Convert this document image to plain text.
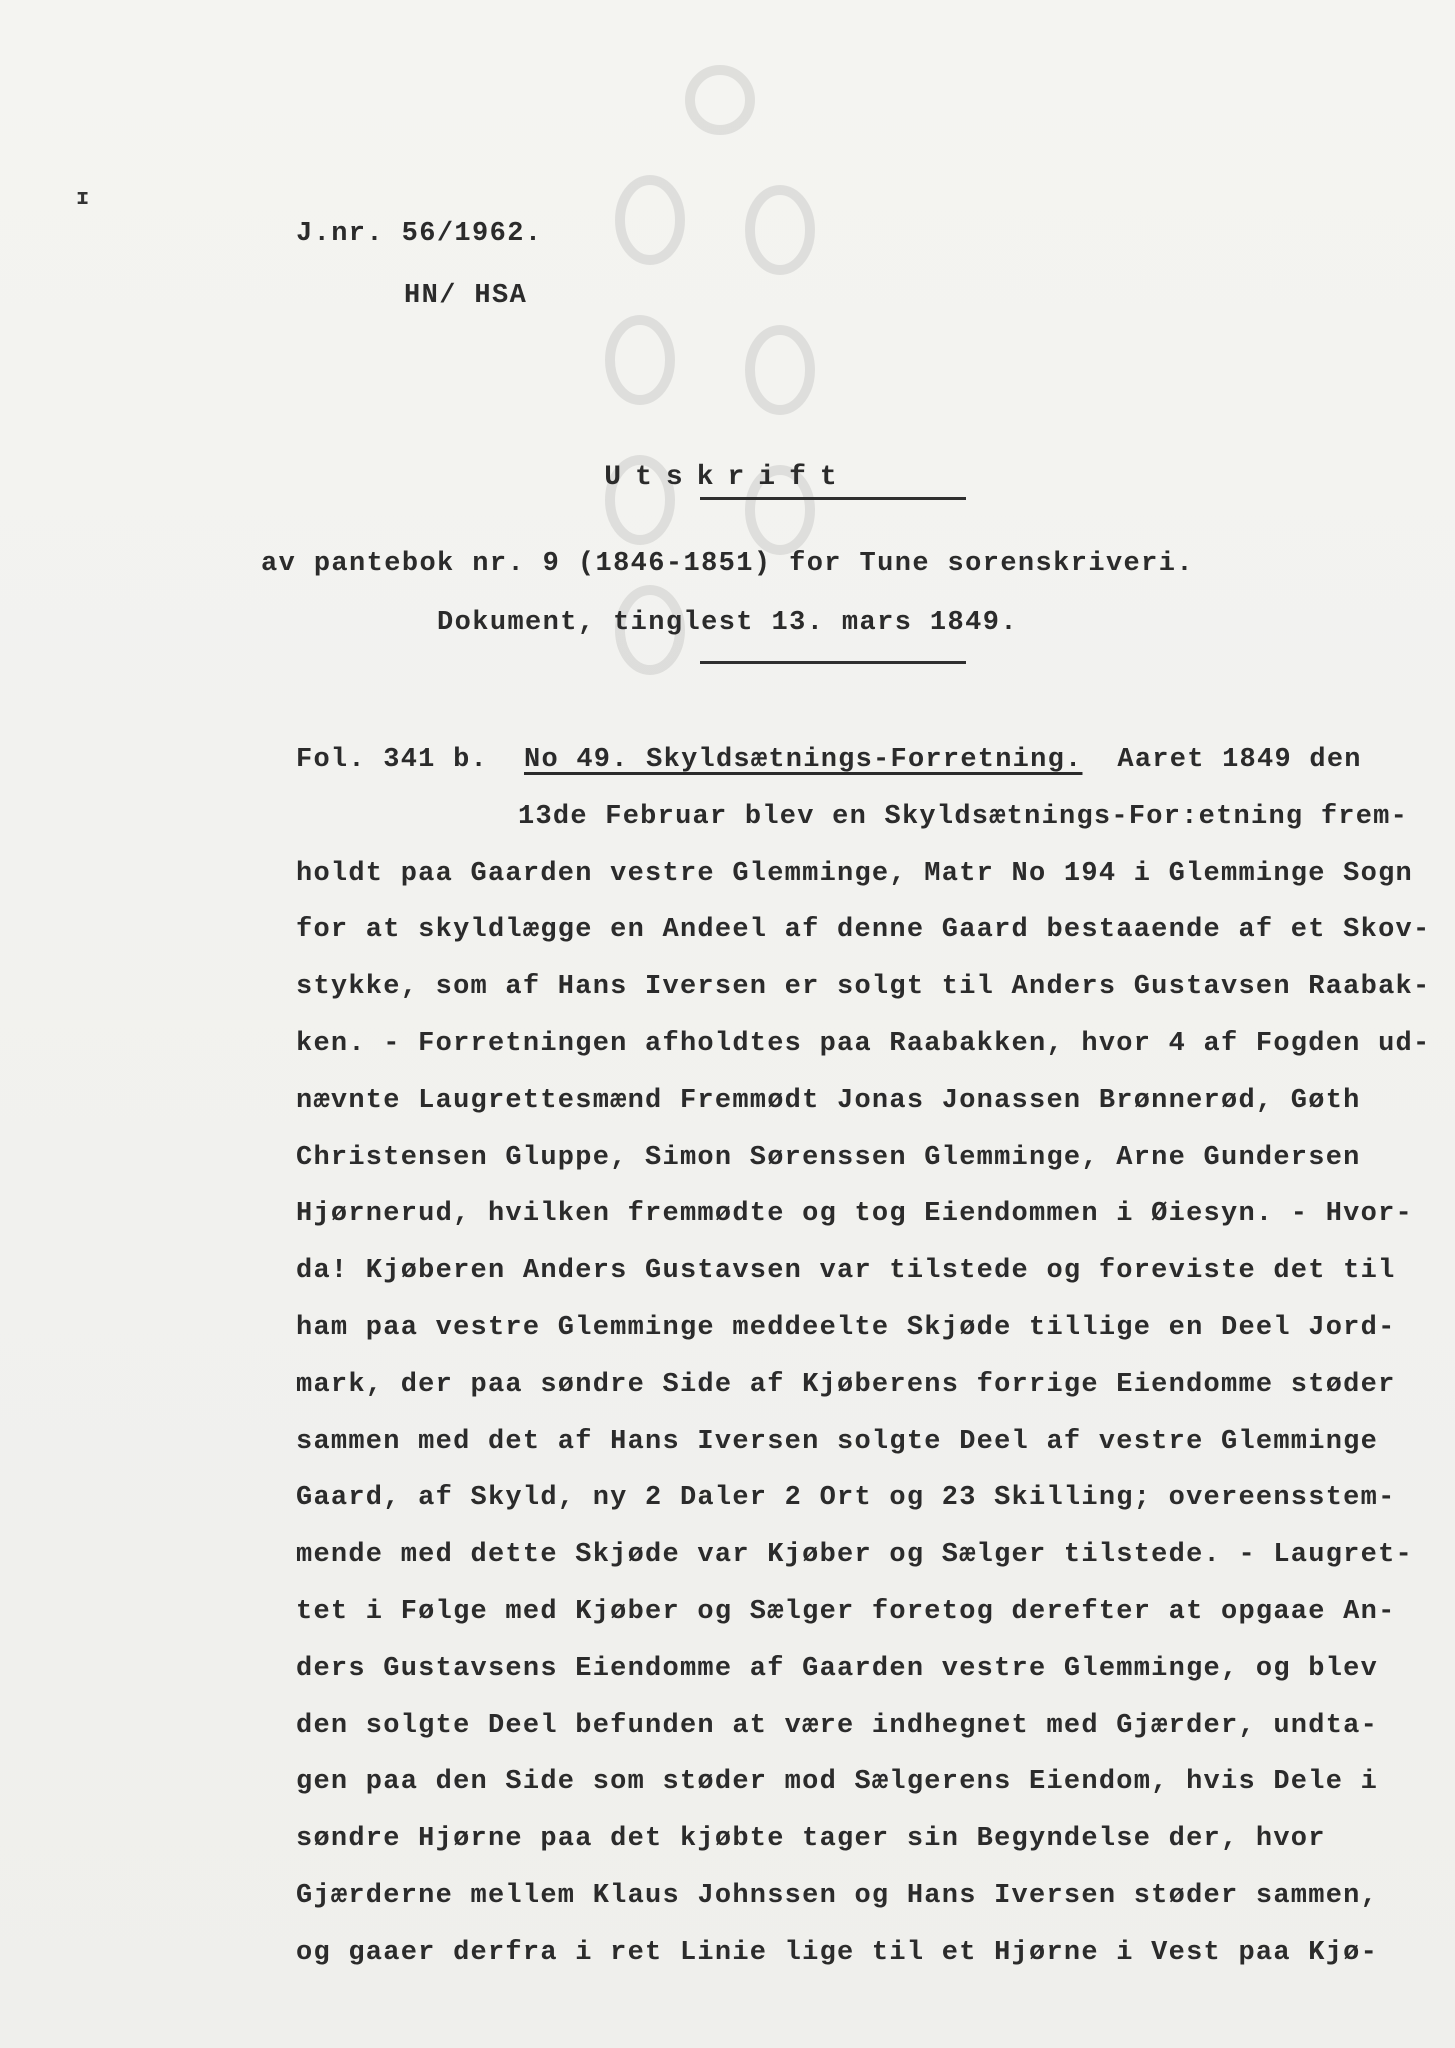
ɪ
J.nr. 56/1962.
HN/ HSA
Utskrift
av pantebok nr. 9 (1846-1851) for Tune sorenskriveri.
Dokument, tinglest 13. mars 1849.
Fol. 341 b. No 49. Skyldsætnings-Forretning.  Aaret 1849 den
13de Februar blev en Skyldsætnings-For:etning frem-
holdt paa Gaarden vestre Glemminge, Matr No 194 i Glemminge Sogn
for at skyldlægge en Andeel af denne Gaard bestaaende af et Skov-
stykke, som af Hans Iversen er solgt til Anders Gustavsen Raabak-
ken. - Forretningen afholdtes paa Raabakken, hvor 4 af Fogden ud-
nævnte Laugrettesmænd Fremmødt Jonas Jonassen Brønnerød, Gøth
Christensen Gluppe, Simon Sørenssen Glemminge, Arne Gundersen
Hjørnerud, hvilken fremmødte og tog Eiendommen i Øiesyn. - Hvor-
da! Kjøberen Anders Gustavsen var tilstede og foreviste det til
ham paa vestre Glemminge meddeelte Skjøde tillige en Deel Jord-
mark, der paa søndre Side af Kjøberens forrige Eiendomme støder
sammen med det af Hans Iversen solgte Deel af vestre Glemminge
Gaard, af Skyld, ny 2 Daler 2 Ort og 23 Skilling; overeensstem-
mende med dette Skjøde var Kjøber og Sælger tilstede. - Laugret-
tet i Følge med Kjøber og Sælger foretog derefter at opgaae An-
ders Gustavsens Eiendomme af Gaarden vestre Glemminge, og blev
den solgte Deel befunden at være indhegnet med Gjærder, undta-
gen paa den Side som støder mod Sælgerens Eiendom, hvis Dele i
søndre Hjørne paa det kjøbte tager sin Begyndelse der, hvor
Gjærderne mellem Klaus Johnssen og Hans Iversen støder sammen,
og gaaer derfra i ret Linie lige til et Hjørne i Vest paa Kjø-
